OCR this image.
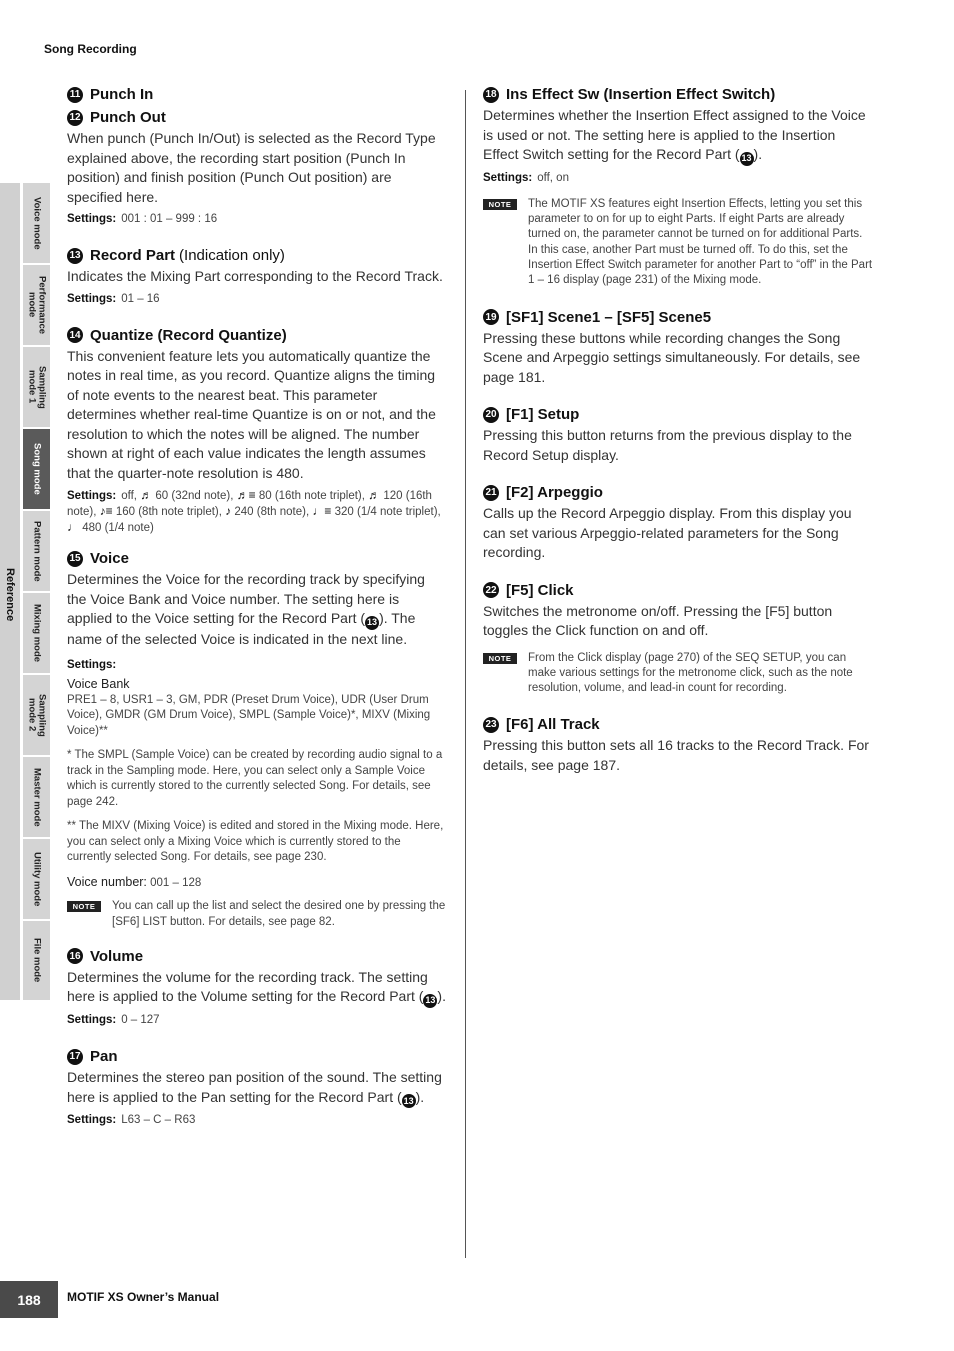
Song Recording
Reference
Voice mode
Performance
mode
Sampling
mode 1
Song mode
Pattern mode
Mixing mode
Sampling
mode 2
Master mode
Utility mode
File mode
11 Punch In
12 Punch Out

When punch (Punch In/Out) is selected as the Record Type explained above, the recording start position (Punch In position) and finish position (Punch Out position) are specified here.

Settings: 001 : 01 – 999 : 16

13 Record Part (Indication only)

Indicates the Mixing Part corresponding to the Record Track.

Settings: 01 – 16

14 Quantize (Record Quantize)

This convenient feature lets you automatically quantize the notes in real time, as you record. Quantize aligns the timing of note events to the nearest beat. This parameter determines whether real-time Quantize is on or not, and the resolution to which the notes will be aligned. The number shown at right of each value indicates the length assumes that the quarter-note resolution is 480.

Settings: off, ♬ 60 (32nd note), ♬≡ 80 (16th note triplet), ♬ 120 (16th note), ♪≡ 160 (8th note triplet), ♪ 240 (8th note), ♩≡ 320 (1/4 note triplet), ♩ 480 (1/4 note)

15 Voice

Determines the Voice for the recording track by specifying the Voice Bank and Voice number. The setting here is applied to the Voice setting for the Record Part ( 13 ). The name of the selected Voice is indicated in the next line.

Settings:

Voice Bank

PRE1 – 8, USR1 – 3, GM, PDR (Preset Drum Voice), UDR (User Drum Voice), GMDR (GM Drum Voice), SMPL (Sample Voice)*, MIXV (Mixing Voice)**

* The SMPL (Sample Voice) can be created by recording audio signal to a track in the Sampling mode. Here, you can select only a Sample Voice which is currently stored to the currently selected Song. For details, see page 242.

** The MIXV (Mixing Voice) is edited and stored in the Mixing mode. Here, you can select only a Mixing Voice which is currently stored to the currently selected Song. For details, see page 230.

Voice number: 001 – 128

NOTE	You can call up the list and select the desired one by pressing the [SF6] LIST button. For details, see page 82.
16 Volume

Determines the volume for the recording track. The setting here is applied to the Volume setting for the Record Part ( 13 ).

Settings: 0 – 127

17 Pan

Determines the stereo pan position of the sound. The setting here is applied to the Pan setting for the Record Part ( 13 ).

Settings: L63 – C – R63

18 Ins Effect Sw (Insertion Effect Switch)

Determines whether the Insertion Effect assigned to the Voice is used or not. The setting here is applied to the Insertion Effect Switch setting for the Record Part ( 13 ).

Settings: off, on

NOTE	The MOTIF XS features eight Insertion Effects, letting you set this parameter to on for up to eight Parts. If eight Parts are already turned on, the parameter cannot be turned on for additional Parts. In this case, another Part must be turned off. To do this, set the Insertion Effect Switch parameter for another Part to “off” in the Part 1 – 16 display (page 231) of the Mixing mode.
19 [SF1] Scene1 – [SF5] Scene5

Pressing these buttons while recording changes the Song Scene and Arpeggio settings simultaneously. For details, see page 181.

20 [F1] Setup

Pressing this button returns from the previous display to the Record Setup display.

21 [F2] Arpeggio

Calls up the Record Arpeggio display. From this display you can set various Arpeggio-related parameters for the Song recording.

22 [F5] Click

Switches the metronome on/off. Pressing the [F5] button toggles the Click function on and off.

NOTE	From the Click display (page 270) of the SEQ SETUP, you can make various settings for the metronome click, such as the note resolution, volume, and lead-in count for recording.
23 [F6] All Track

Pressing this button sets all 16 tracks to the Record Track. For details, see page 187.

188	MOTIF XS Owner’s Manual
